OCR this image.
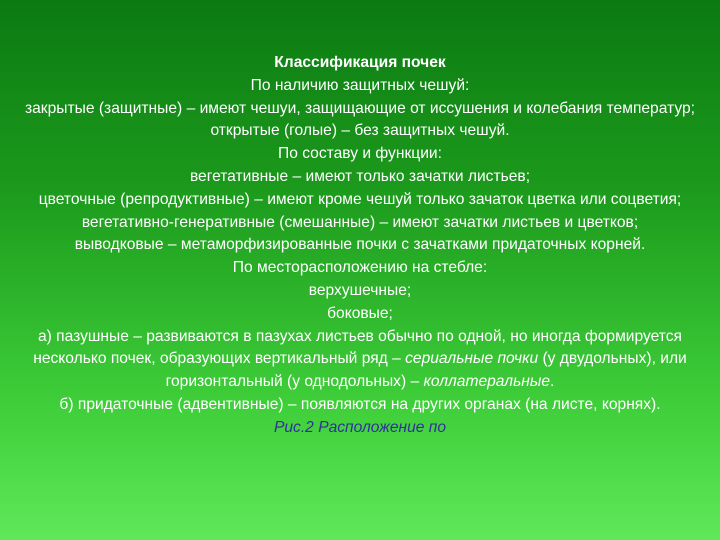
Классификация почек
По наличию защитных чешуй:
закрытые (защитные) – имеют чешуи, защищающие от иссушения и колебания температур;
открытые (голые) – без защитных чешуй.
По составу и функции:
вегетативные – имеют только зачатки листьев;
цветочные (репродуктивные) – имеют кроме чешуй только зачаток цветка или соцветия;
вегетативно-генеративные (смешанные) – имеют зачатки листьев и цветков;
выводковые – метаморфизированные почки с зачатками придаточных корней.
По месторасположению на стебле:
верхушечные;
боковые;
а) пазушные – развиваются в пазухах листьев обычно по одной, но иногда формируется несколько почек, образующих вертикальный ряд – сериальные почки (у двудольных), или горизонтальный (у однодольных) – коллатеральные.
б) придаточные (адвентивные) – появляются на других органах (на листе, корнях).
Рис.2 Расположение по
